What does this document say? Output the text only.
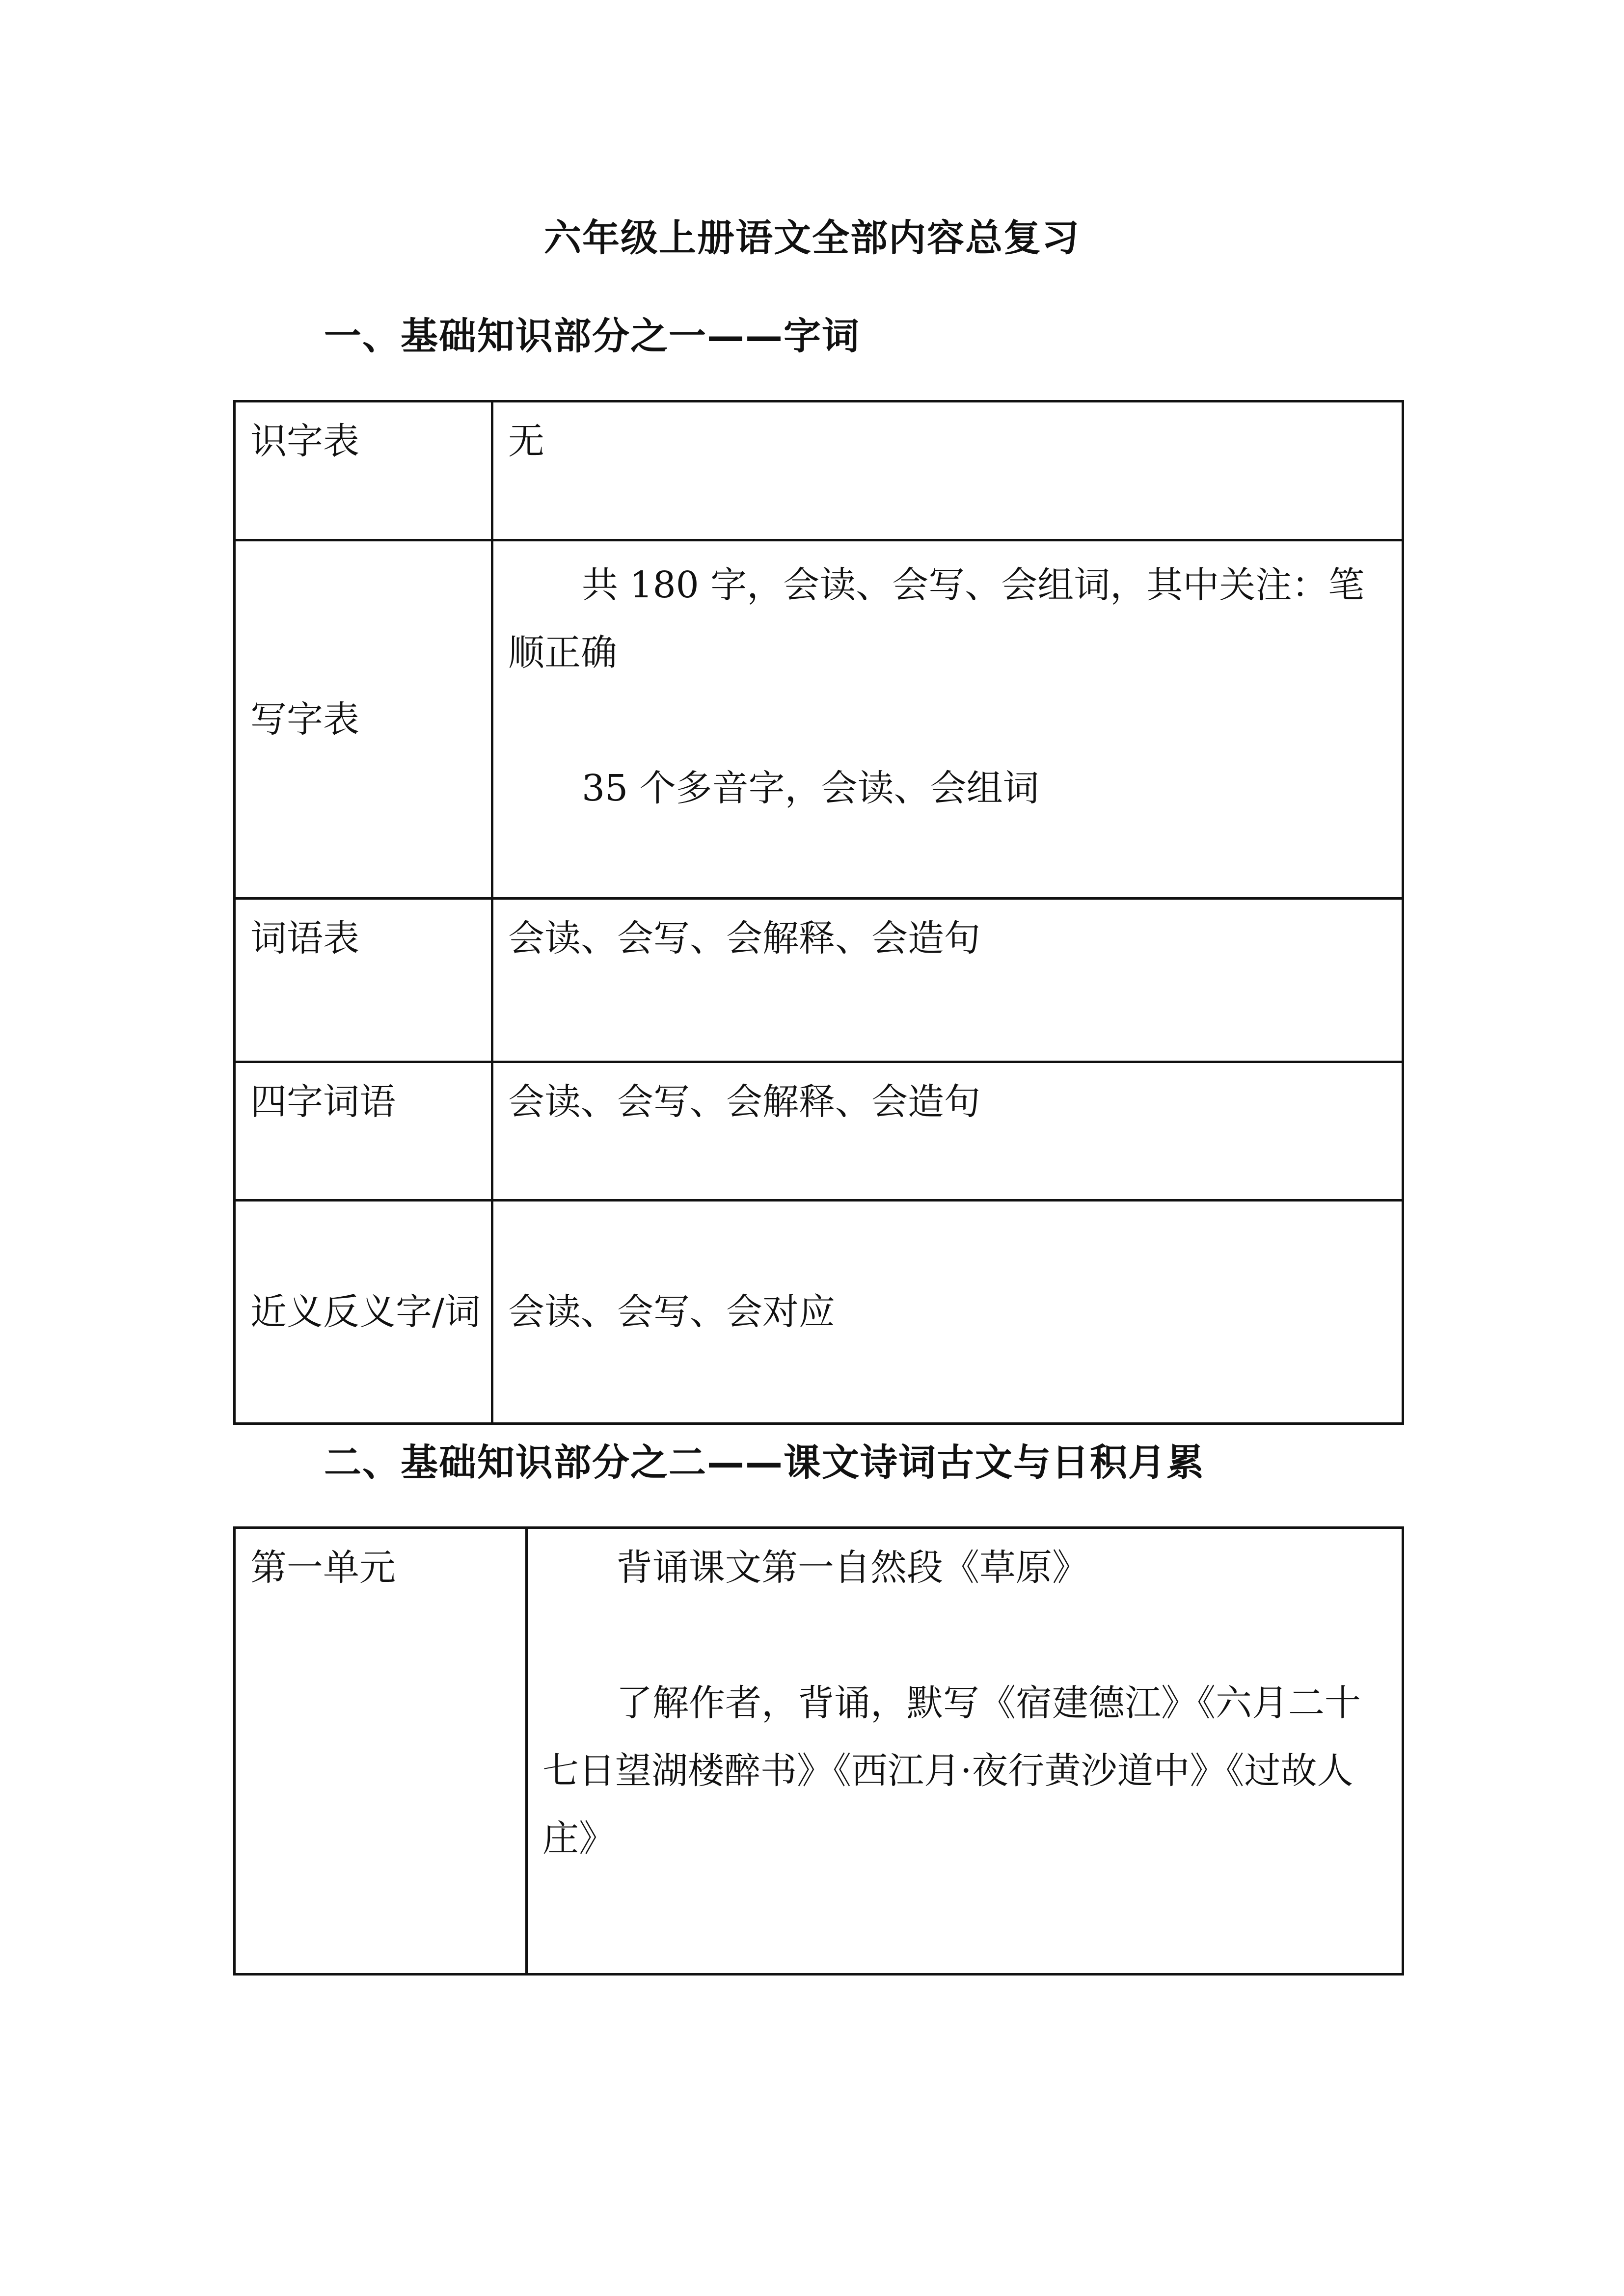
六年级上册语文全部内容总复习
一、基础知识部分之一——字词
识字表	无

写字表	共 180 字，会读、会写、会组词，其中关注：笔顺正确

35 个多音字，会读、会组词

词语表	会读、会写、会解释、会造句

四字词语	会读、会写、会解释、会造句

近义反义字/词	会读、会写、会对应

二、基础知识部分之二——课文诗词古文与日积月累
第一单元	背诵课文第一自然段《草原》

了解作者，背诵，默写《宿建德江》《六月二十七日望湖楼醉书》《西江月·夜行黄沙道中》《过故人庄》
